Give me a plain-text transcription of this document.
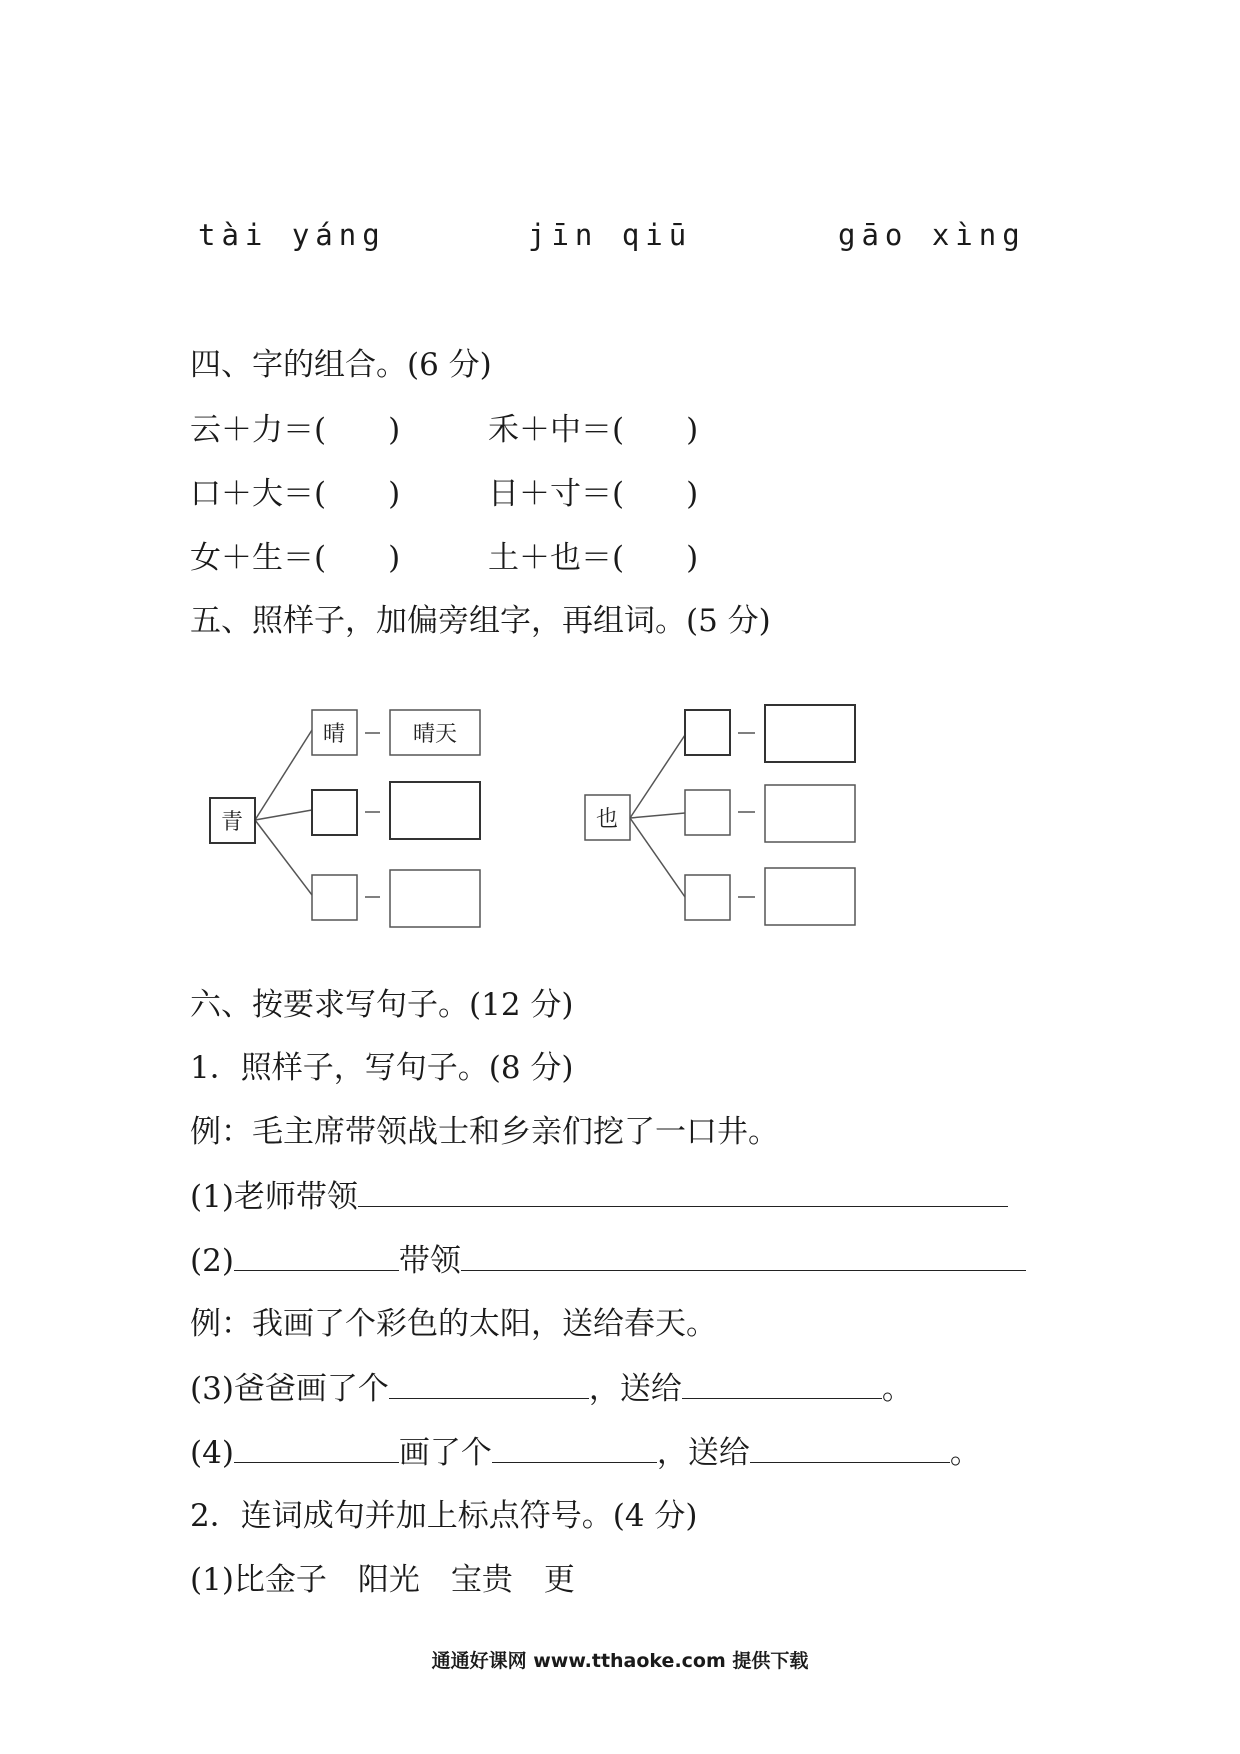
tài yáng	jīn qiū	gāo xìng
四、字的组合。(6 分)
云＋力＝(　　)	禾＋中＝(　　)
口＋大＝(　　)	日＋寸＝(　　)
女＋生＝(　　)	土＋也＝(　　)
五、照样子，加偏旁组字，再组词。(5 分)
青
晴	晴天
也
六、按要求写句子。(12 分)
1．照样子，写句子。(8 分)
例：毛主席带领战士和乡亲们挖了一口井。
(1)老师带领
(2)	带领
例：我画了个彩色的太阳，送给春天。
(3)爸爸画了个	，送给	。
(4)	画了个	，送给	。
2．连词成句并加上标点符号。(4 分)
(1)比金子　阳光　宝贵　更
通通好课网 www.tthaoke.com 提供下载
